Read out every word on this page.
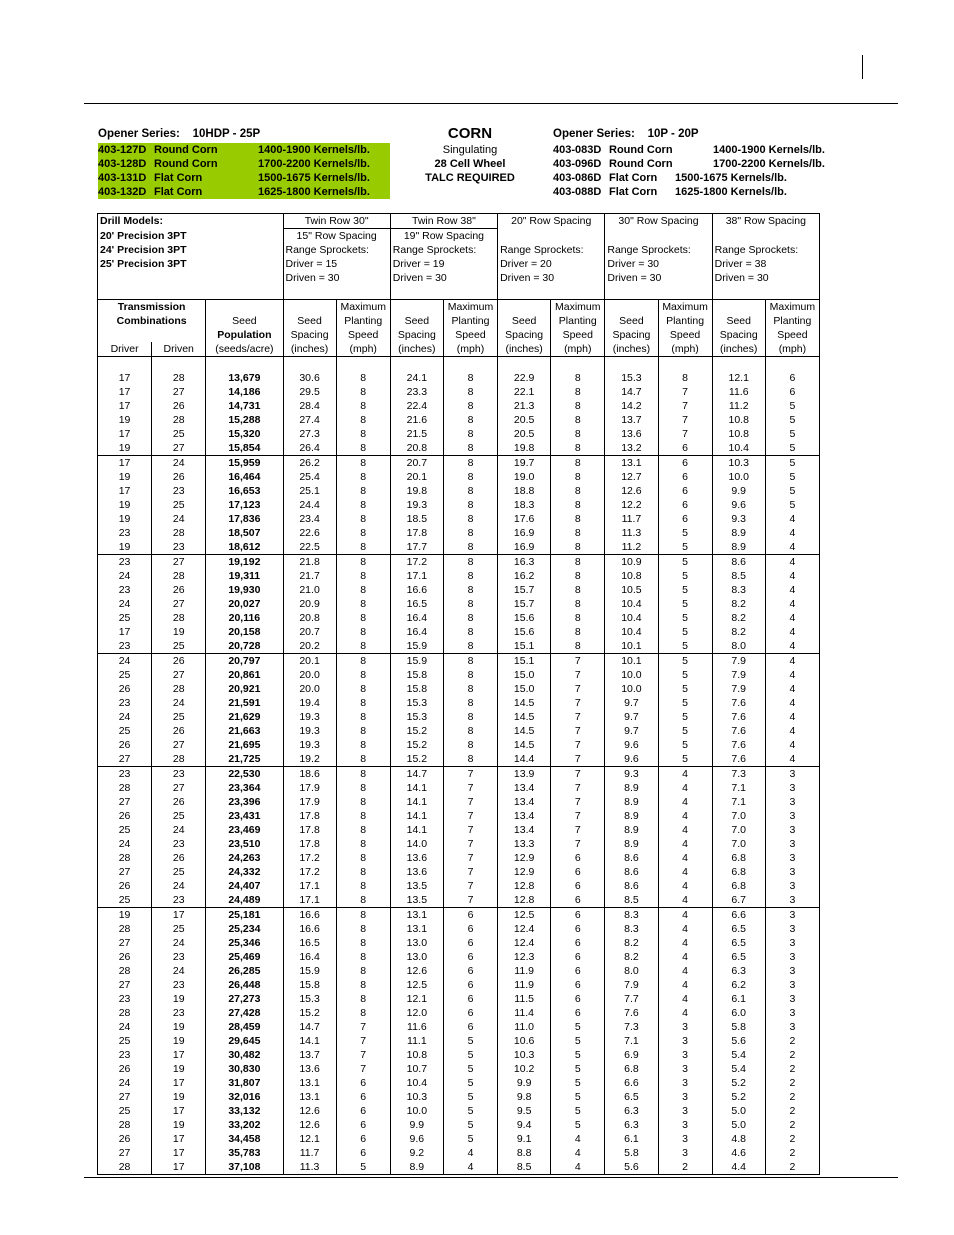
Opener Series: 10HDP - 25P
403-127D Round Corn	1400-1900 Kernels/lb.
403-128D Round Corn	1700-2200 Kernels/lb.
403-131D Flat Corn	1500-1675 Kernels/lb.
403-132D Flat Corn	1625-1800 Kernels/lb.
CORN
Singulating
28 Cell Wheel
TALC REQUIRED
Opener Series: 10P - 20P
403-083D Round Corn	1400-1900 Kernels/lb.
403-096D Round Corn	1700-2200 Kernels/lb.
403-086D Flat Corn	1500-1675 Kernels/lb.
403-088D Flat Corn	1625-1800 Kernels/lb.
Drill Models:			Twin Row 30"		Twin Row 38"		20" Row Spacing		30" Row Spacing		38" Row Spacing	
20' Precision 3PT			15" Row Spacing		19" Row Spacing							
24' Precision 3PT			Range Sprockets:		Range Sprockets:		Range Sprockets:		Range Sprockets:		Range Sprockets:	
25' Precision 3PT			Driver = 15		Driver = 19		Driver = 20		Driver = 30		Driver = 38	
			Driven = 30		Driven = 30		Driven = 30		Driven = 30		Driven = 30	

Transmission				Maximum		Maximum		Maximum		Maximum		Maximum
Combinations		Seed	Seed	Planting	Seed	Planting	Seed	Planting	Seed	Planting	Seed	Planting
		Population	Spacing	Speed	Spacing	Speed	Spacing	Speed	Spacing	Speed	Spacing	Speed
Driver	Driven	(seeds/acre)	(inches)	(mph)	(inches)	(mph)	(inches)	(mph)	(inches)	(mph)	(inches)	(mph)

17	28	13,679	30.6	8	24.1	8	22.9	8	15.3	8	12.1	6
17	27	14,186	29.5	8	23.3	8	22.1	8	14.7	7	11.6	6
17	26	14,731	28.4	8	22.4	8	21.3	8	14.2	7	11.2	5
19	28	15,288	27.4	8	21.6	8	20.5	8	13.7	7	10.8	5
17	25	15,320	27.3	8	21.5	8	20.5	8	13.6	7	10.8	5
19	27	15,854	26.4	8	20.8	8	19.8	8	13.2	6	10.4	5
17	24	15,959	26.2	8	20.7	8	19.7	8	13.1	6	10.3	5
19	26	16,464	25.4	8	20.1	8	19.0	8	12.7	6	10.0	5
17	23	16,653	25.1	8	19.8	8	18.8	8	12.6	6	9.9	5
19	25	17,123	24.4	8	19.3	8	18.3	8	12.2	6	9.6	5
19	24	17,836	23.4	8	18.5	8	17.6	8	11.7	6	9.3	4
23	28	18,507	22.6	8	17.8	8	16.9	8	11.3	5	8.9	4
19	23	18,612	22.5	8	17.7	8	16.9	8	11.2	5	8.9	4
23	27	19,192	21.8	8	17.2	8	16.3	8	10.9	5	8.6	4
24	28	19,311	21.7	8	17.1	8	16.2	8	10.8	5	8.5	4
23	26	19,930	21.0	8	16.6	8	15.7	8	10.5	5	8.3	4
24	27	20,027	20.9	8	16.5	8	15.7	8	10.4	5	8.2	4
25	28	20,116	20.8	8	16.4	8	15.6	8	10.4	5	8.2	4
17	19	20,158	20.7	8	16.4	8	15.6	8	10.4	5	8.2	4
23	25	20,728	20.2	8	15.9	8	15.1	8	10.1	5	8.0	4
24	26	20,797	20.1	8	15.9	8	15.1	7	10.1	5	7.9	4
25	27	20,861	20.0	8	15.8	8	15.0	7	10.0	5	7.9	4
26	28	20,921	20.0	8	15.8	8	15.0	7	10.0	5	7.9	4
23	24	21,591	19.4	8	15.3	8	14.5	7	9.7	5	7.6	4
24	25	21,629	19.3	8	15.3	8	14.5	7	9.7	5	7.6	4
25	26	21,663	19.3	8	15.2	8	14.5	7	9.7	5	7.6	4
26	27	21,695	19.3	8	15.2	8	14.5	7	9.6	5	7.6	4
27	28	21,725	19.2	8	15.2	8	14.4	7	9.6	5	7.6	4
23	23	22,530	18.6	8	14.7	7	13.9	7	9.3	4	7.3	3
28	27	23,364	17.9	8	14.1	7	13.4	7	8.9	4	7.1	3
27	26	23,396	17.9	8	14.1	7	13.4	7	8.9	4	7.1	3
26	25	23,431	17.8	8	14.1	7	13.4	7	8.9	4	7.0	3
25	24	23,469	17.8	8	14.1	7	13.4	7	8.9	4	7.0	3
24	23	23,510	17.8	8	14.0	7	13.3	7	8.9	4	7.0	3
28	26	24,263	17.2	8	13.6	7	12.9	6	8.6	4	6.8	3
27	25	24,332	17.2	8	13.6	7	12.9	6	8.6	4	6.8	3
26	24	24,407	17.1	8	13.5	7	12.8	6	8.6	4	6.8	3
25	23	24,489	17.1	8	13.5	7	12.8	6	8.5	4	6.7	3
19	17	25,181	16.6	8	13.1	6	12.5	6	8.3	4	6.6	3
28	25	25,234	16.6	8	13.1	6	12.4	6	8.3	4	6.5	3
27	24	25,346	16.5	8	13.0	6	12.4	6	8.2	4	6.5	3
26	23	25,469	16.4	8	13.0	6	12.3	6	8.2	4	6.5	3
28	24	26,285	15.9	8	12.6	6	11.9	6	8.0	4	6.3	3
27	23	26,448	15.8	8	12.5	6	11.9	6	7.9	4	6.2	3
23	19	27,273	15.3	8	12.1	6	11.5	6	7.7	4	6.1	3
28	23	27,428	15.2	8	12.0	6	11.4	6	7.6	4	6.0	3
24	19	28,459	14.7	7	11.6	6	11.0	5	7.3	3	5.8	3
25	19	29,645	14.1	7	11.1	5	10.6	5	7.1	3	5.6	2
23	17	30,482	13.7	7	10.8	5	10.3	5	6.9	3	5.4	2
26	19	30,830	13.6	7	10.7	5	10.2	5	6.8	3	5.4	2
24	17	31,807	13.1	6	10.4	5	9.9	5	6.6	3	5.2	2
27	19	32,016	13.1	6	10.3	5	9.8	5	6.5	3	5.2	2
25	17	33,132	12.6	6	10.0	5	9.5	5	6.3	3	5.0	2
28	19	33,202	12.6	6	9.9	5	9.4	5	6.3	3	5.0	2
26	17	34,458	12.1	6	9.6	5	9.1	4	6.1	3	4.8	2
27	17	35,783	11.7	6	9.2	4	8.8	4	5.8	3	4.6	2
28	17	37,108	11.3	5	8.9	4	8.5	4	5.6	2	4.4	2
